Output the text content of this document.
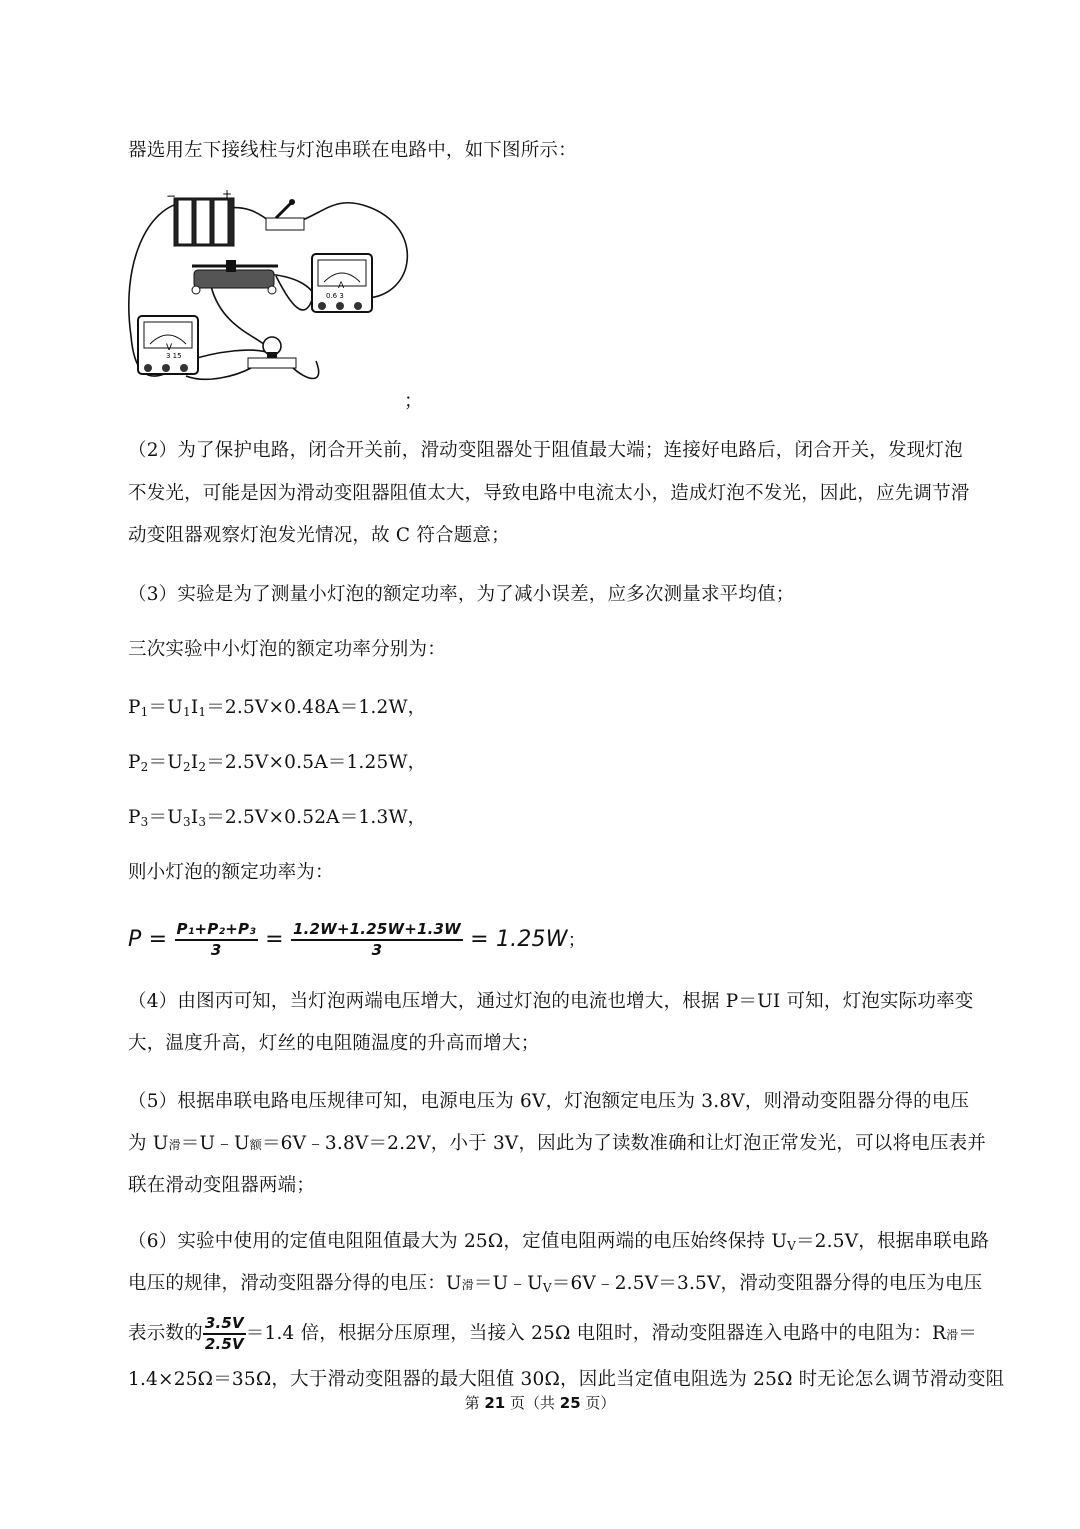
器选用左下接线柱与灯泡串联在电路中，如下图所示：
−	+
A
0.6 3
V
3 15
；
（2）为了保护电路，闭合开关前，滑动变阻器处于阻值最大端；连接好电路后，闭合开关，发现灯泡
不发光，可能是因为滑动变阻器阻值太大，导致电路中电流太小，造成灯泡不发光，因此，应先调节滑
动变阻器观察灯泡发光情况，故 C 符合题意；
（3）实验是为了测量小灯泡的额定功率，为了减小误差，应多次测量求平均值；
三次实验中小灯泡的额定功率分别为：
$P_1=U_1I_1=2.5V\times 0.48A=1.2W$，
$P_2=U_2I_2=2.5V\times 0.5A=1.25W$，
$P_3=U_3I_3=2.5V\times 0.52A=1.3W$，
则小灯泡的额定功率为：
$P = \frac{\text{P₁+P₂+P₃}}{3} = \frac{1.2W+1.25W+1.3W}{3} = 1.25W$；
（4）由图丙可知，当灯泡两端电压增大，通过灯泡的电流也增大，根据 P＝UI 可知，灯泡实际功率变
大，温度升高，灯丝的电阻随温度的升高而增大；
（5）根据串联电路电压规律可知，电源电压为 6V，灯泡额定电压为 3.8V，则滑动变阻器分得的电压
为 U滑＝U﹣U额＝6V﹣3.8V＝2.2V，小于 3V，因此为了读数准确和让灯泡正常发光，可以将电压表并
联在滑动变阻器两端；
（6）实验中使用的定值电阻阻值最大为 25Ω，定值电阻两端的电压始终保持 $U_V=2.5V$，根据串联电路
电压的规律，滑动变阻器分得的电压：U滑$=U﹣U_V=6V﹣2.5V=3.5V$，滑动变阻器分得的电压为电压
表示数的 $\frac{3.5V}{2.5V} =1.4$ 倍，根据分压原理，当接入 25Ω 电阻时，滑动变阻器连入电路中的电阻为：R滑＝
1.4×25Ω＝35Ω，大于滑动变阻器的最大阻值 30Ω，因此当定值电阻选为 25Ω 时无论怎么调节滑动变阻
第 21 页（共 25 页）
